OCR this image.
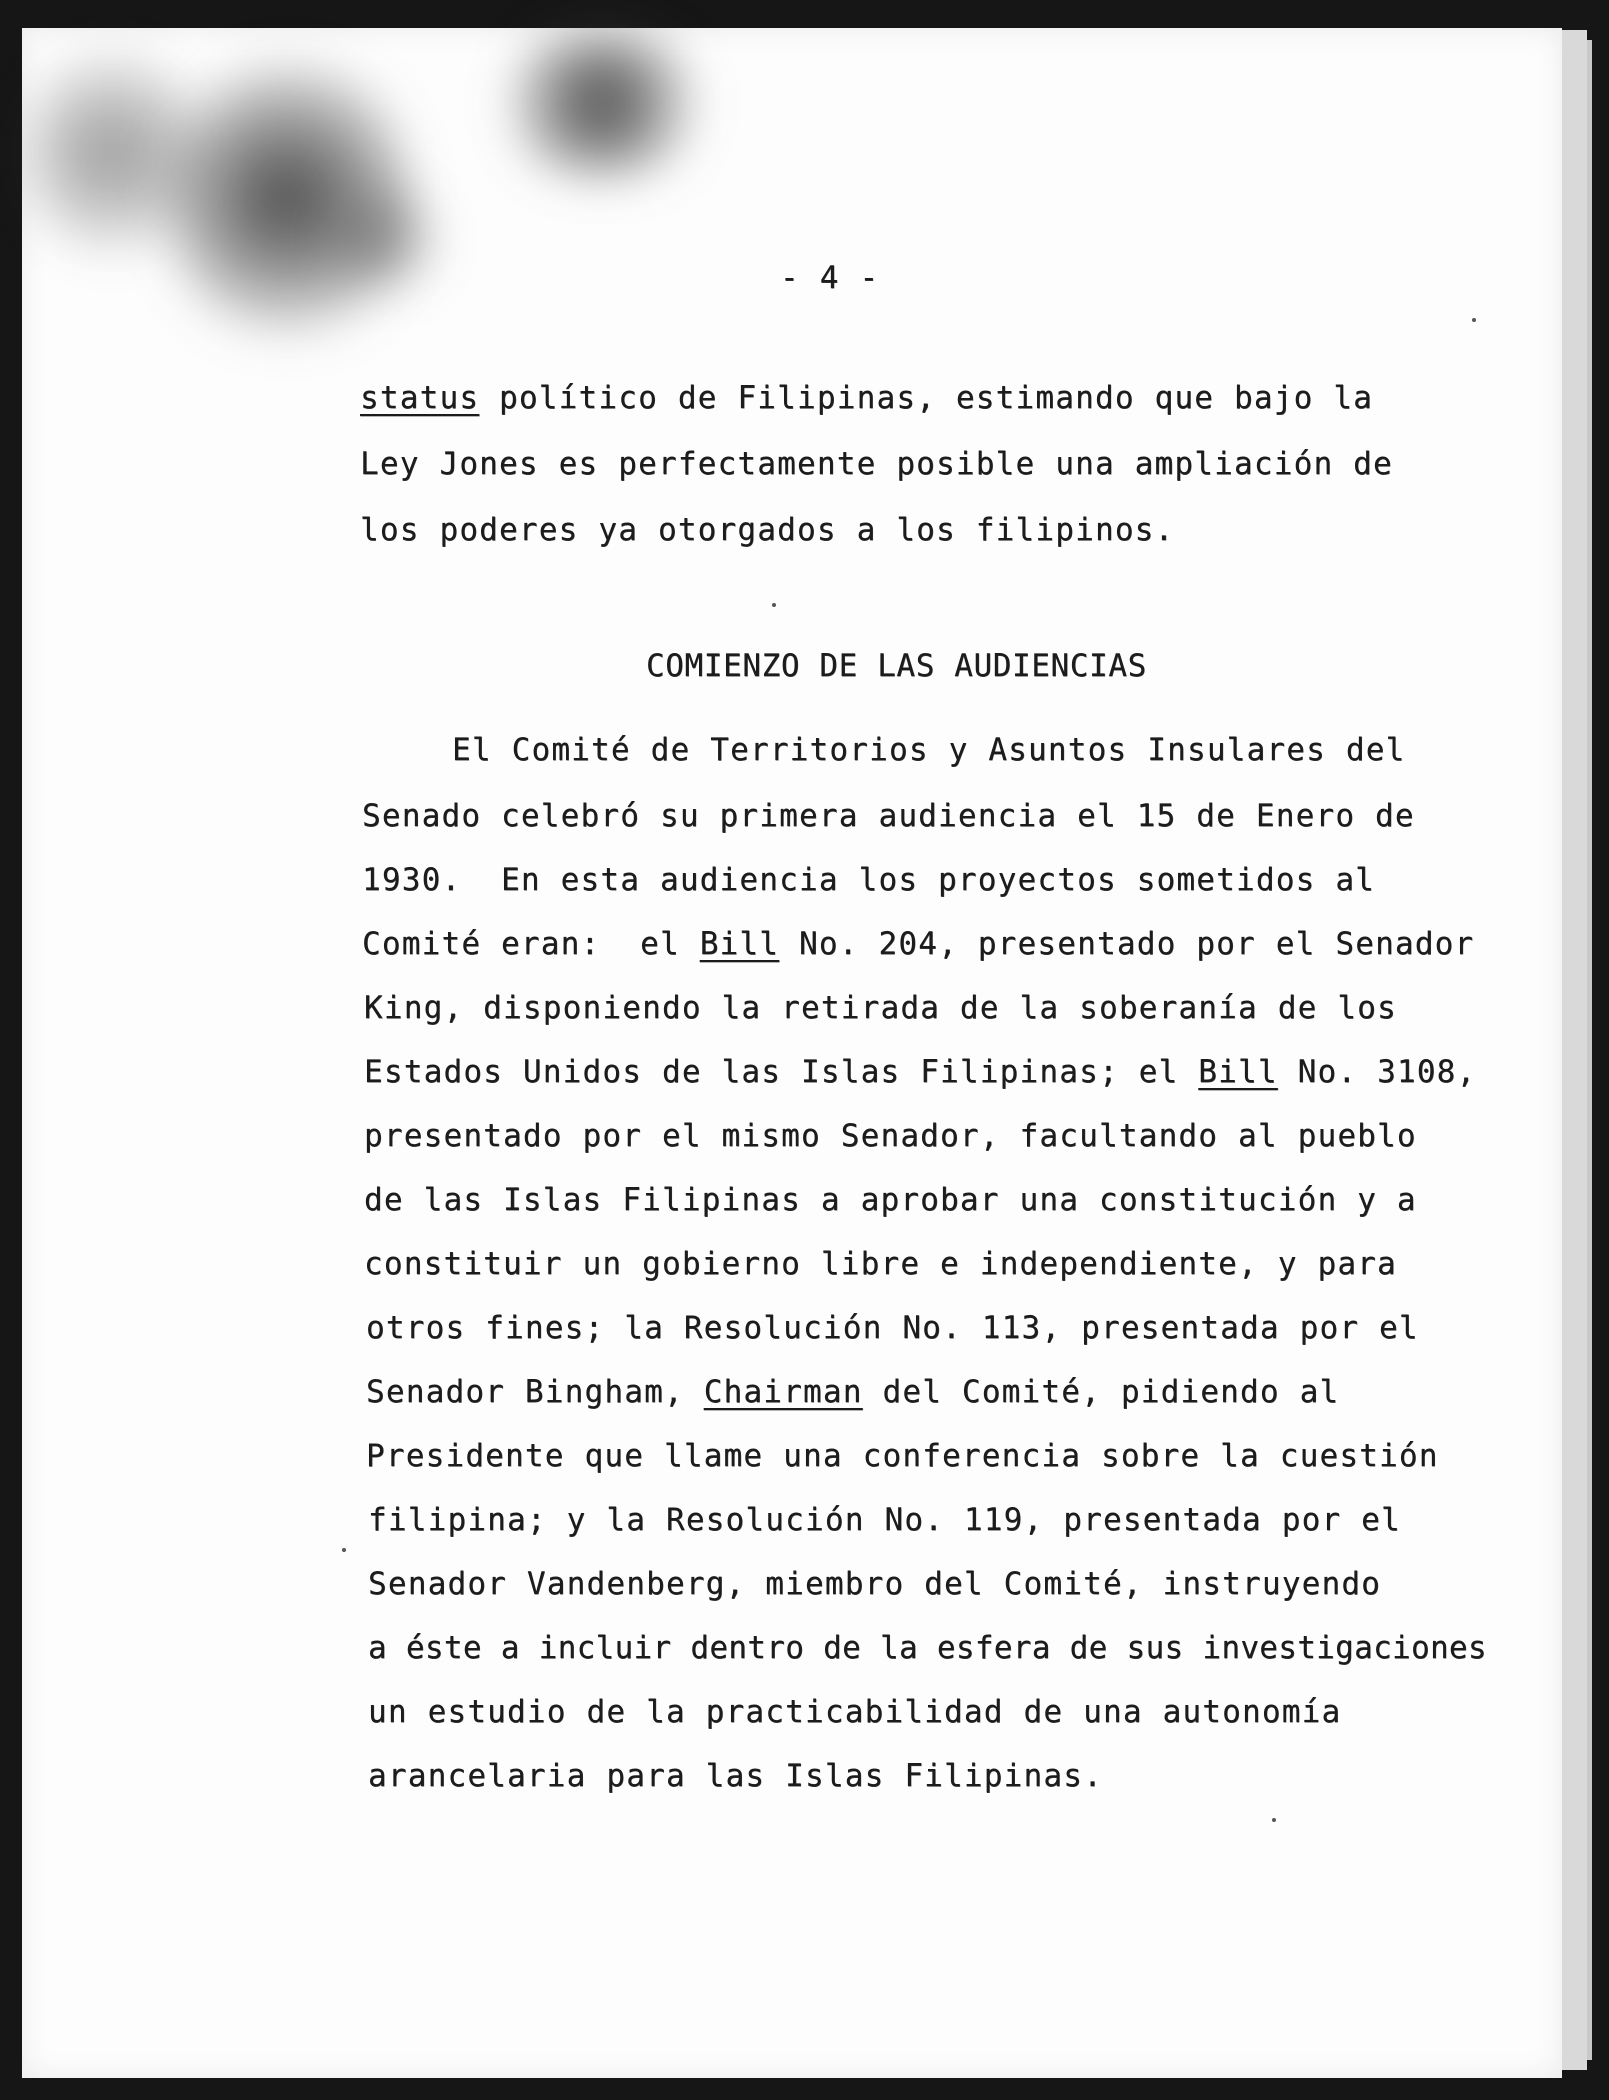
- 4 -
status político de Filipinas, estimando que bajo la
Ley Jones es perfectamente posible una ampliación de
los poderes ya otorgados a los filipinos.
COMIENZO DE LAS AUDIENCIAS
El Comité de Territorios y Asuntos Insulares del
Senado celebró su primera audiencia el 15 de Enero de
1930.  En esta audiencia los proyectos sometidos al
Comité eran:  el Bill No. 204, presentado por el Senador
King, disponiendo la retirada de la soberanía de los
Estados Unidos de las Islas Filipinas; el Bill No. 3108,
presentado por el mismo Senador, facultando al pueblo
de las Islas Filipinas a aprobar una constitución y a
constituir un gobierno libre e independiente, y para
otros fines; la Resolución No. 113, presentada por el
Senador Bingham, Chairman del Comité, pidiendo al
Presidente que llame una conferencia sobre la cuestión
filipina; y la Resolución No. 119, presentada por el
Senador Vandenberg, miembro del Comité, instruyendo
a éste a incluir dentro de la esfera de sus investigaciones
un estudio de la practicabilidad de una autonomía
arancelaria para las Islas Filipinas.
